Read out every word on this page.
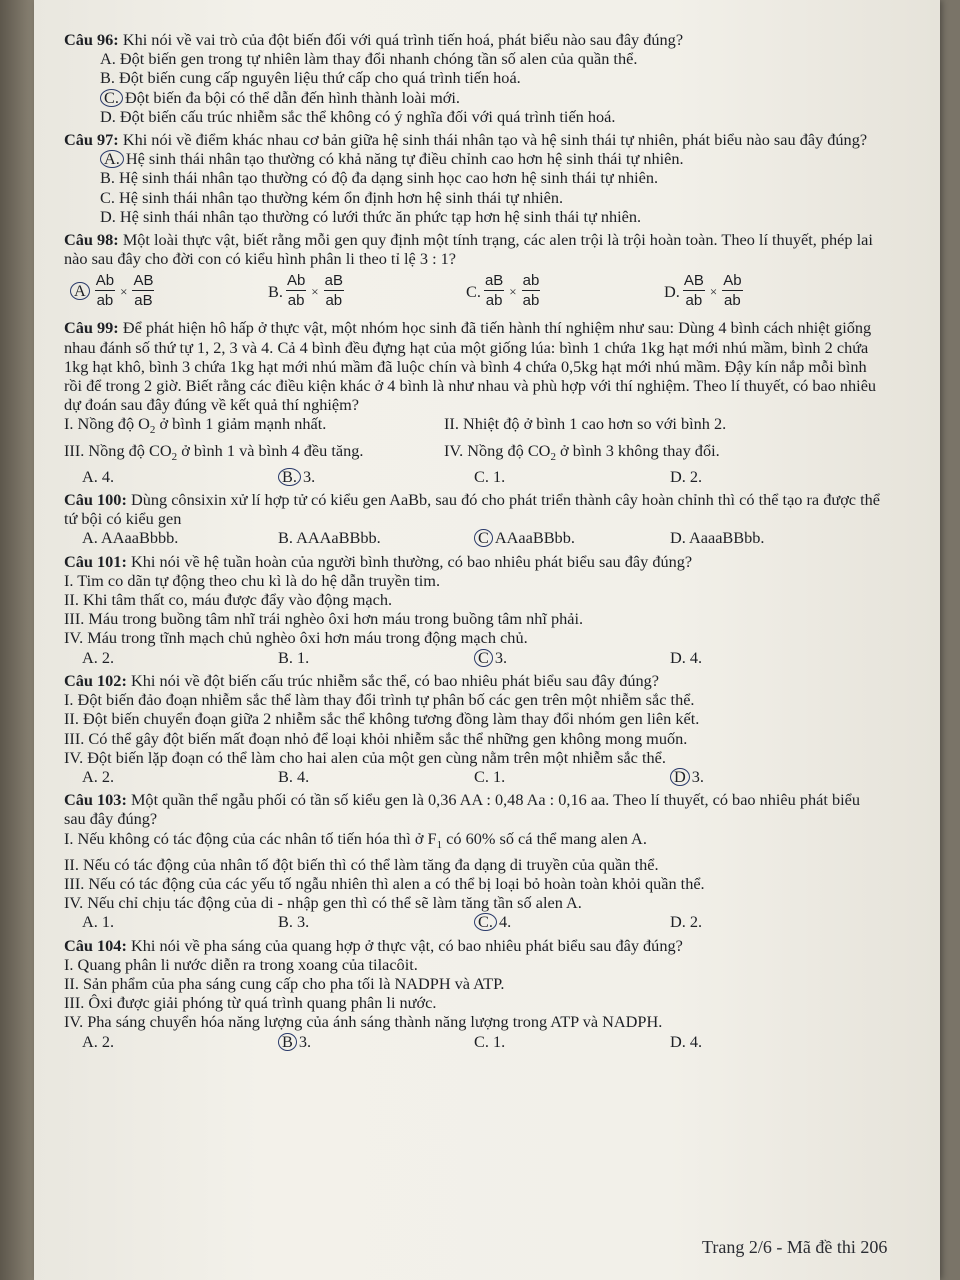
Câu 96: Khi nói về vai trò của đột biến đối với quá trình tiến hoá, phát biểu nào sau đây đúng?
A. Đột biến gen trong tự nhiên làm thay đổi nhanh chóng tần số alen của quần thể.
B. Đột biến cung cấp nguyên liệu thứ cấp cho quá trình tiến hoá.
C. Đột biến đa bội có thể dẫn đến hình thành loài mới.
D. Đột biến cấu trúc nhiễm sắc thể không có ý nghĩa đối với quá trình tiến hoá.
Câu 97: Khi nói về điểm khác nhau cơ bản giữa hệ sinh thái nhân tạo và hệ sinh thái tự nhiên, phát biểu nào sau đây đúng?
A. Hệ sinh thái nhân tạo thường có khả năng tự điều chỉnh cao hơn hệ sinh thái tự nhiên.
B. Hệ sinh thái nhân tạo thường có độ đa dạng sinh học cao hơn hệ sinh thái tự nhiên.
C. Hệ sinh thái nhân tạo thường kém ổn định hơn hệ sinh thái tự nhiên.
D. Hệ sinh thái nhân tạo thường có lưới thức ăn phức tạp hơn hệ sinh thái tự nhiên.
Câu 98: Một loài thực vật, biết rằng mỗi gen quy định một tính trạng, các alen trội là trội hoàn toàn. Theo lí thuyết, phép lai nào sau đây cho đời con có kiểu hình phân li theo tỉ lệ 3 : 1?
A $\frac{Ab}{ab} \times \frac{AB}{aB}$	B. $\frac{Ab}{ab} \times \frac{aB}{ab}$	C. $\frac{aB}{ab} \times \frac{ab}{ab}$	D. $\frac{AB}{ab} \times \frac{Ab}{ab}$
Câu 99: Để phát hiện hô hấp ở thực vật, một nhóm học sinh đã tiến hành thí nghiệm như sau: Dùng 4 bình cách nhiệt giống nhau đánh số thứ tự 1, 2, 3 và 4. Cả 4 bình đều đựng hạt của một giống lúa: bình 1 chứa 1kg hạt mới nhú mầm, bình 2 chứa 1kg hạt khô, bình 3 chứa 1kg hạt mới nhú mầm đã luộc chín và bình 4 chứa 0,5kg hạt mới nhú mầm. Đậy kín nắp mỗi bình rồi để trong 2 giờ. Biết rằng các điều kiện khác ở 4 bình là như nhau và phù hợp với thí nghiệm. Theo lí thuyết, có bao nhiêu dự đoán sau đây đúng về kết quả thí nghiệm?
I. Nồng độ $O_2$ ở bình 1 giảm mạnh nhất.	II. Nhiệt độ ở bình 1 cao hơn so với bình 2.
III. Nồng độ $CO_2$ ở bình 1 và bình 4 đều tăng.	IV. Nồng độ $CO_2$ ở bình 3 không thay đổi.
A. 4.	B. 3.	C. 1.	D. 2.
Câu 100: Dùng cônsixin xử lí hợp tử có kiểu gen AaBb, sau đó cho phát triển thành cây hoàn chỉnh thì có thể tạo ra được thể tứ bội có kiểu gen
A. AAaaBbbb.	B. AAAaBBbb.	C AAaaBBbb.	D. AaaaBBbb.
Câu 101: Khi nói về hệ tuần hoàn của người bình thường, có bao nhiêu phát biểu sau đây đúng?
I. Tim co dãn tự động theo chu kì là do hệ dẫn truyền tim.
II. Khi tâm thất co, máu được đẩy vào động mạch.
III. Máu trong buồng tâm nhĩ trái nghèo ôxi hơn máu trong buồng tâm nhĩ phải.
IV. Máu trong tĩnh mạch chủ nghèo ôxi hơn máu trong động mạch chủ.
A. 2.	B. 1.	C 3.	D. 4.
Câu 102: Khi nói về đột biến cấu trúc nhiễm sắc thể, có bao nhiêu phát biểu sau đây đúng?
I. Đột biến đảo đoạn nhiễm sắc thể làm thay đổi trình tự phân bố các gen trên một nhiễm sắc thể.
II. Đột biến chuyển đoạn giữa 2 nhiễm sắc thể không tương đồng làm thay đổi nhóm gen liên kết.
III. Có thể gây đột biến mất đoạn nhỏ để loại khỏi nhiễm sắc thể những gen không mong muốn.
IV. Đột biến lặp đoạn có thể làm cho hai alen của một gen cùng nằm trên một nhiễm sắc thể.
A. 2.	B. 4.	C. 1.	D 3.
Câu 103: Một quần thể ngẫu phối có tần số kiểu gen là 0,36 AA : 0,48 Aa : 0,16 aa. Theo lí thuyết, có bao nhiêu phát biểu sau đây đúng?
I. Nếu không có tác động của các nhân tố tiến hóa thì ở $F_1$ có 60% số cá thể mang alen A.
II. Nếu có tác động của nhân tố đột biến thì có thể làm tăng đa dạng di truyền của quần thể.
III. Nếu có tác động của các yếu tố ngẫu nhiên thì alen a có thể bị loại bỏ hoàn toàn khỏi quần thể.
IV. Nếu chỉ chịu tác động của di - nhập gen thì có thể sẽ làm tăng tần số alen A.
A. 1.	B. 3.	C. 4.	D. 2.
Câu 104: Khi nói về pha sáng của quang hợp ở thực vật, có bao nhiêu phát biểu sau đây đúng?
I. Quang phân li nước diễn ra trong xoang của tilacôit.
II. Sản phẩm của pha sáng cung cấp cho pha tối là NADPH và ATP.
III. Ôxi được giải phóng từ quá trình quang phân li nước.
IV. Pha sáng chuyển hóa năng lượng của ánh sáng thành năng lượng trong ATP và NADPH.
A. 2.	B 3.	C. 1.	D. 4.
Trang 2/6 - Mã đề thi 206
